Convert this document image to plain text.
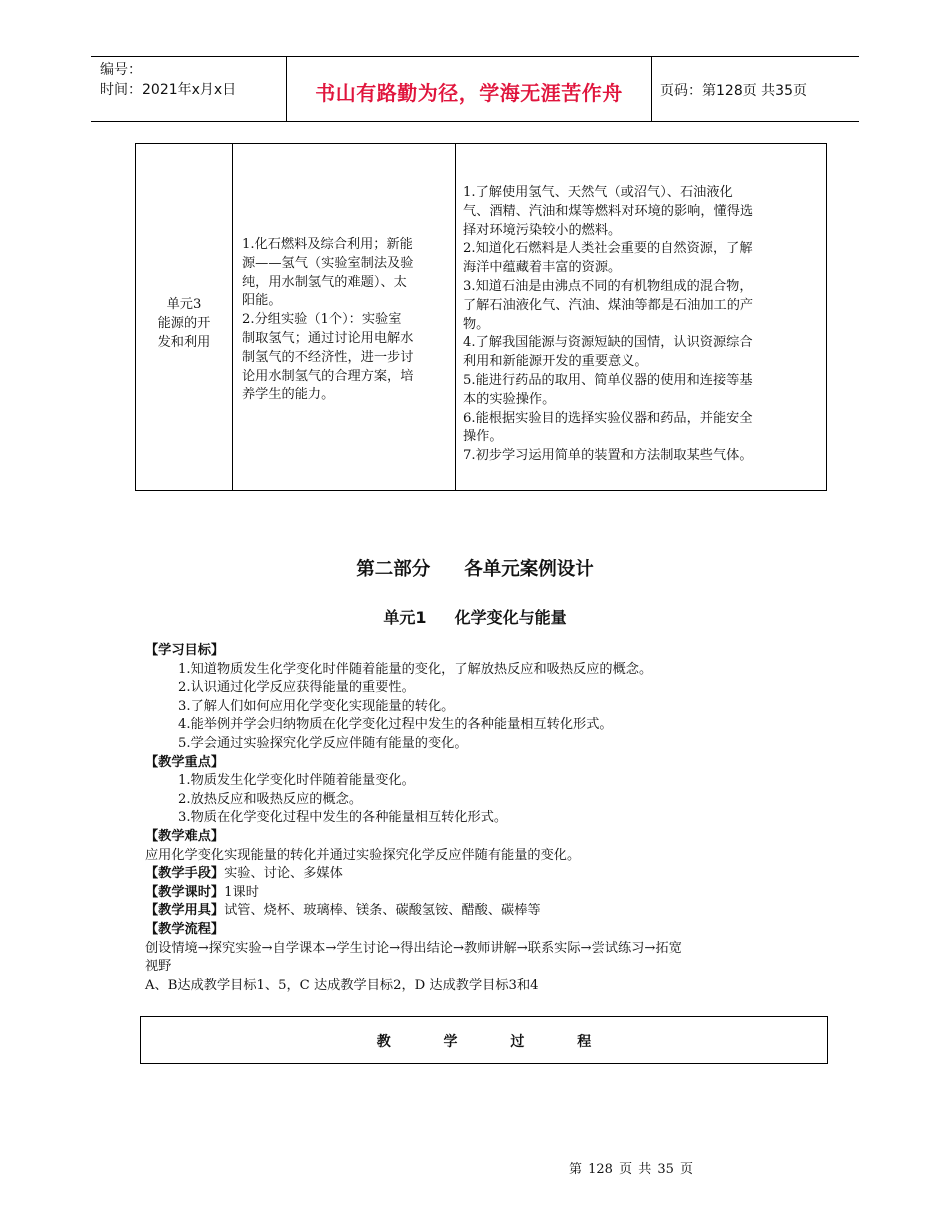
编号：
时间：2021年x月x日	书山有路勤为径，学海无涯苦作舟	页码：第128页 共35页
单元3
能源的开
发和利用
1.化石燃料及综合利用；新能
源——氢气（实验室制法及验
纯，用水制氢气的难题）、太
阳能。
2.分组实验（1个）：实验室
制取氢气；通过讨论用电解水
制氢气的不经济性，进一步讨
论用水制氢气的合理方案，培
养学生的能力。
1.了解使用氢气、天然气（或沼气）、石油液化
气、酒精、汽油和煤等燃料对环境的影响，懂得选
择对环境污染较小的燃料。
2.知道化石燃料是人类社会重要的自然资源，了解
海洋中蕴藏着丰富的资源。
3.知道石油是由沸点不同的有机物组成的混合物，
了解石油液化气、汽油、煤油等都是石油加工的产
物。
4.了解我国能源与资源短缺的国情，认识资源综合
利用和新能源开发的重要意义。
5.能进行药品的取用、简单仪器的使用和连接等基
本的实验操作。
6.能根据实验目的选择实验仪器和药品，并能安全
操作。
7.初步学习运用简单的装置和方法制取某些气体。
第二部分 各单元案例设计
单元1 化学变化与能量
【学习目标】
1.知道物质发生化学变化时伴随着能量的变化，了解放热反应和吸热反应的概念。
2.认识通过化学反应获得能量的重要性。
3.了解人们如何应用化学变化实现能量的转化。
4.能举例并学会归纳物质在化学变化过程中发生的各种能量相互转化形式。
5.学会通过实验探究化学反应伴随有能量的变化。
【教学重点】
1.物质发生化学变化时伴随着能量变化。
2.放热反应和吸热反应的概念。
3.物质在化学变化过程中发生的各种能量相互转化形式。
【教学难点】
应用化学变化实现能量的转化并通过实验探究化学反应伴随有能量的变化。
【教学手段】实验、讨论、多媒体
【教学课时】1课时
【教学用具】试管、烧杯、玻璃棒、镁条、碳酸氢铵、醋酸、碳棒等
【教学流程】
创设情境→探究实验→自学课本→学生讨论→得出结论→教师讲解→联系实际→尝试练习→拓宽
视野
A、B达成教学目标1、5，C 达成教学目标2，D 达成教学目标3和4
教 学 过 程
第 128 页 共 35 页
